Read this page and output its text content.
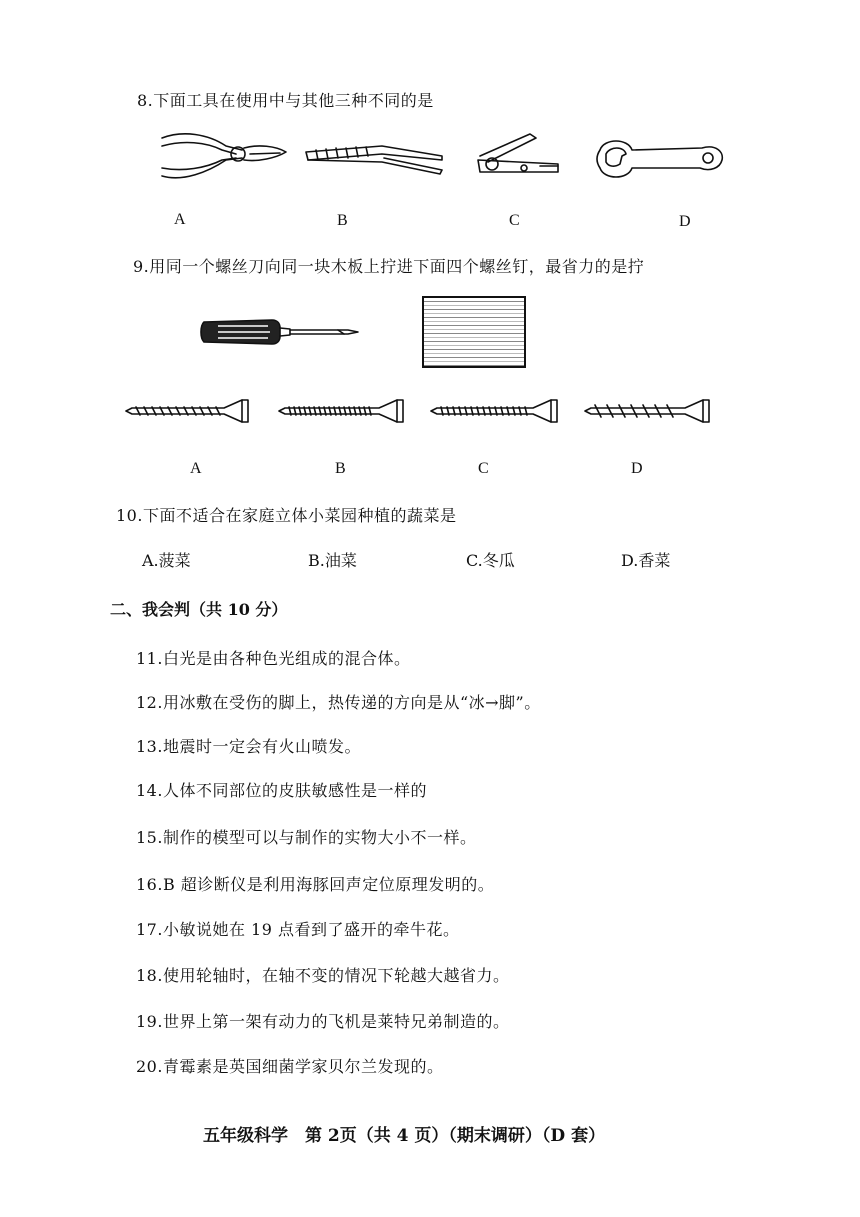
8.下面工具在使用中与其他三种不同的是
A	B	C	D
9.用同一个螺丝刀向同一块木板上拧进下面四个螺丝钉，最省力的是拧
A	B	C	D
10.下面不适合在家庭立体小菜园种植的蔬菜是
A.菠菜	B.油菜	C.冬瓜	D.香菜
二、我会判（共 10 分）
11.白光是由各种色光组成的混合体。
12.用冰敷在受伤的脚上，热传递的方向是从“冰→脚”。
13.地震时一定会有火山喷发。
14.人体不同部位的皮肤敏感性是一样的
15.制作的模型可以与制作的实物大小不一样。
16.B 超诊断仪是利用海豚回声定位原理发明的。
17.小敏说她在 19 点看到了盛开的牵牛花。
18.使用轮轴时，在轴不变的情况下轮越大越省力。
19.世界上第一架有动力的飞机是莱特兄弟制造的。
20.青霉素是英国细菌学家贝尔兰发现的。
五年级科学　第 2页（共 4 页）（期末调研）（D 套）
